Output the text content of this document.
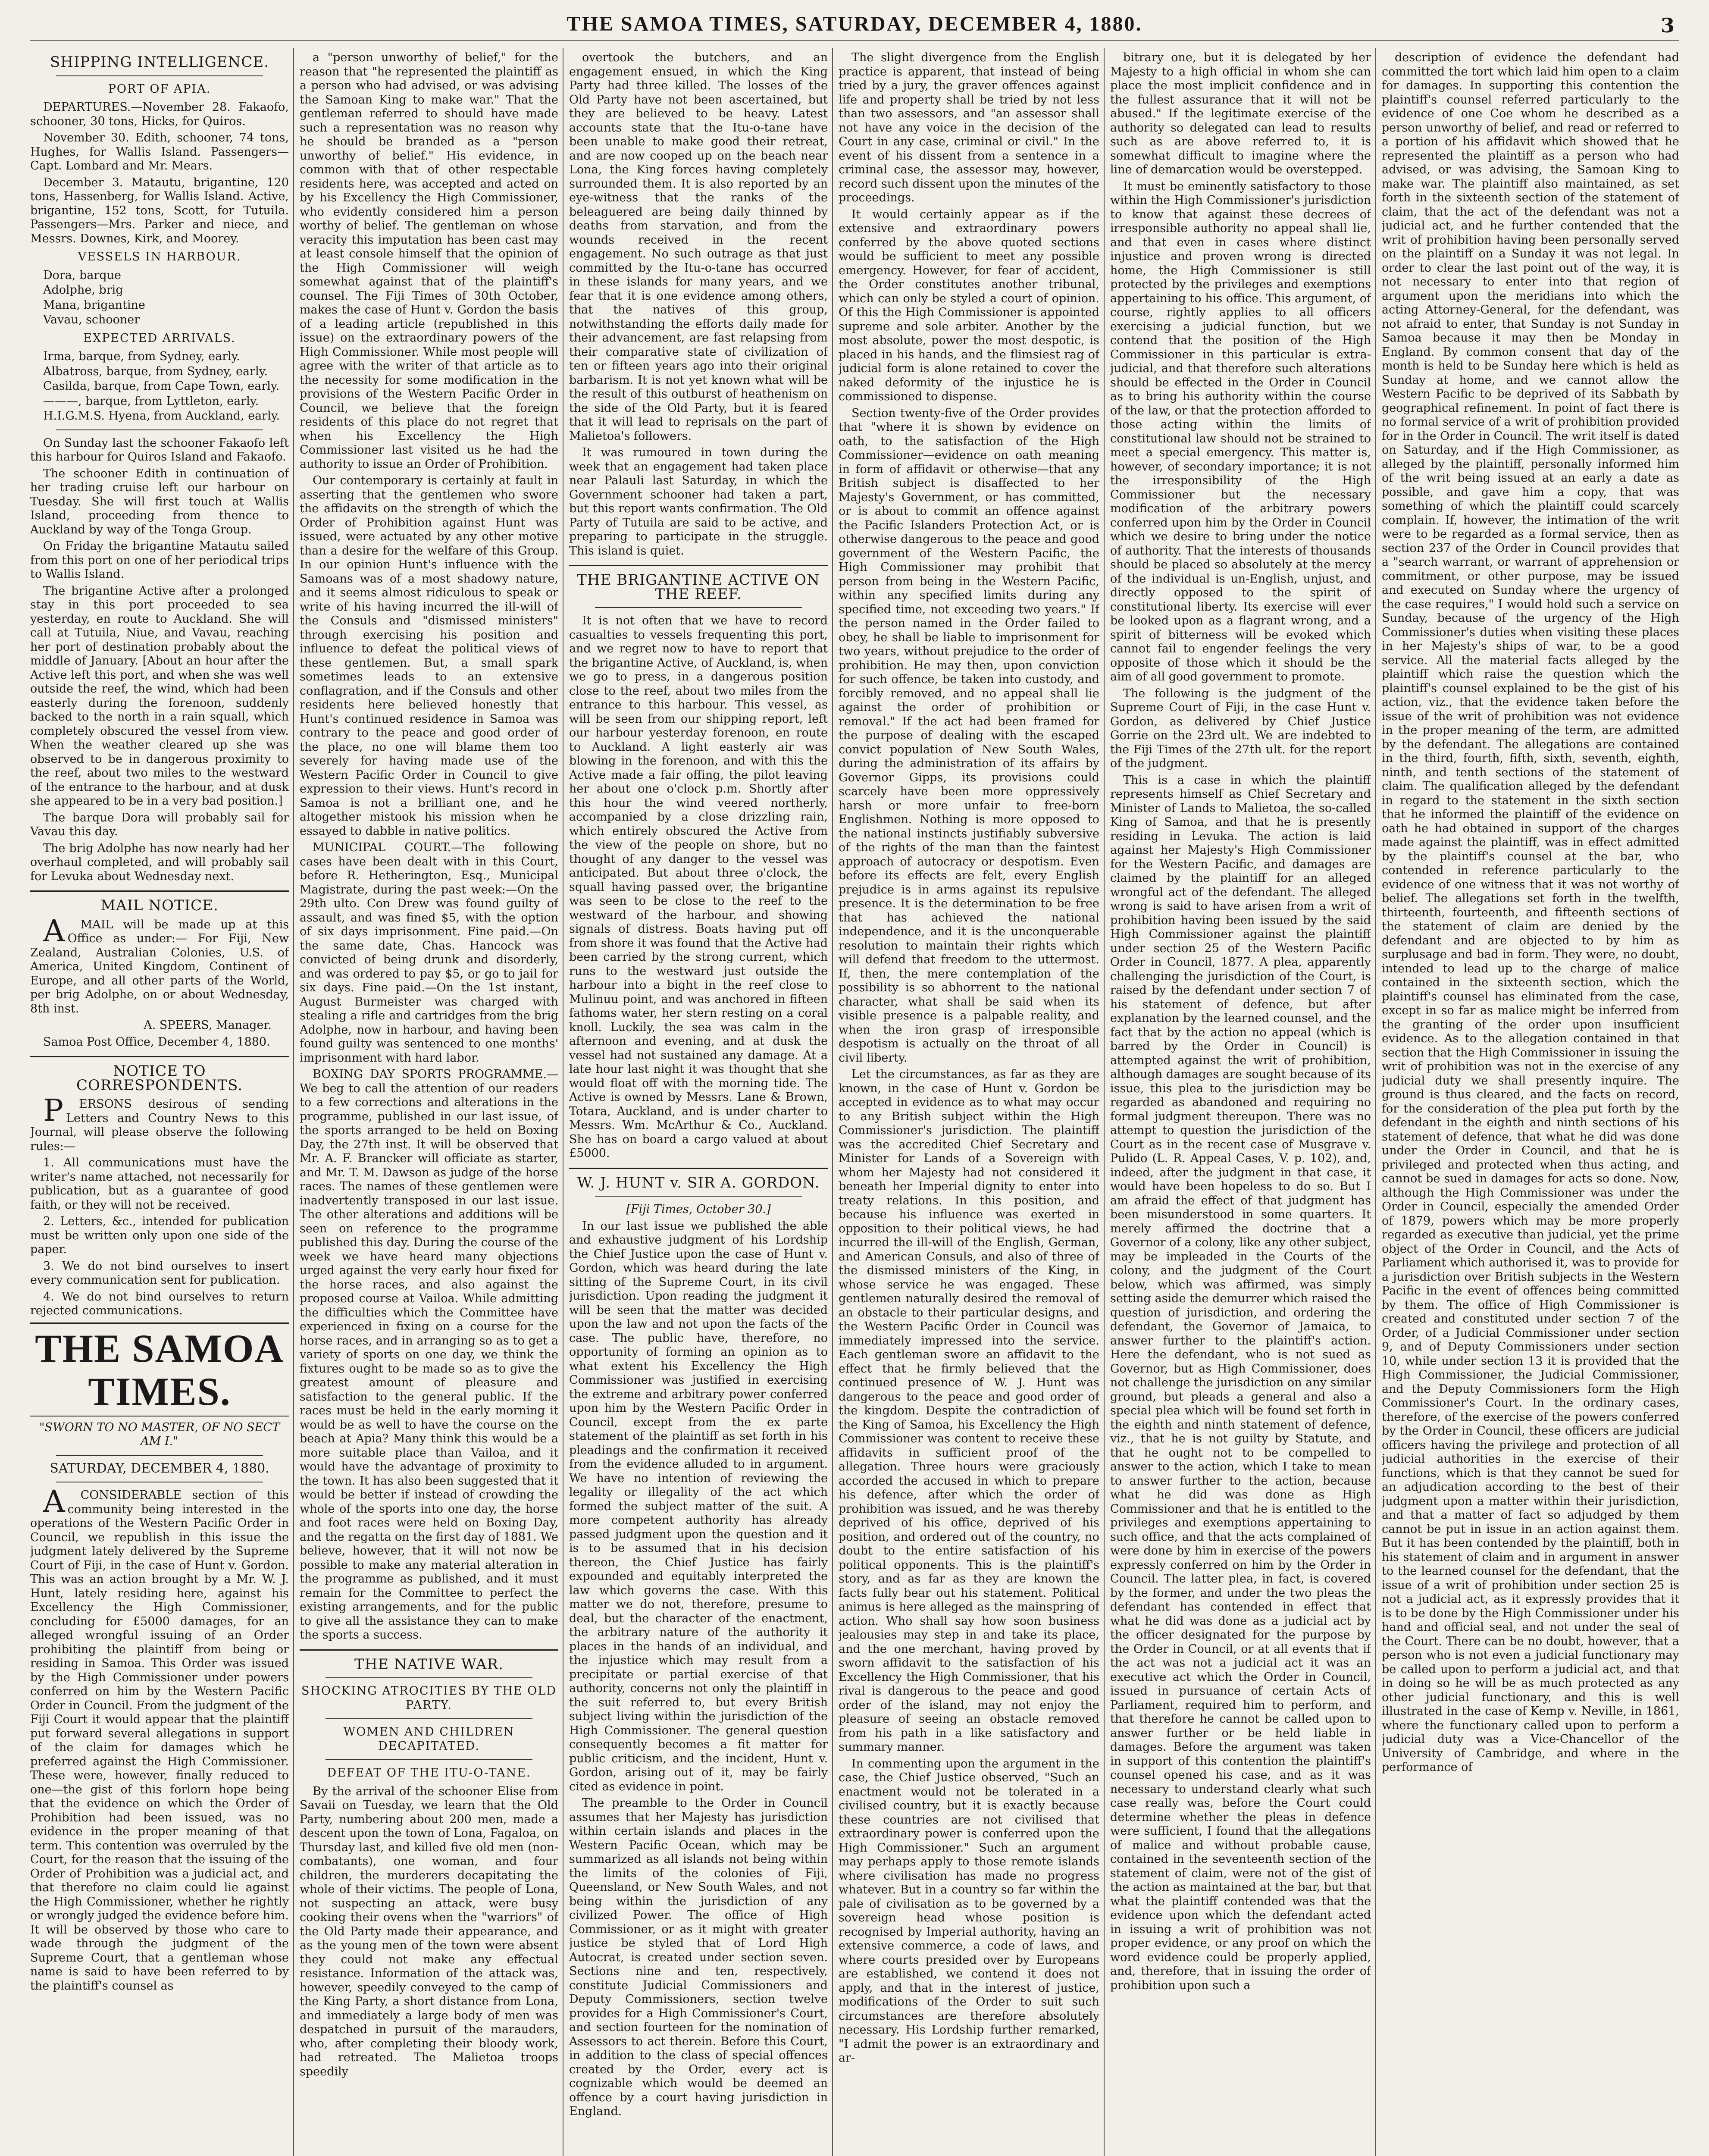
THE SAMOA TIMES, SATURDAY, DECEMBER 4, 1880.	3
SHIPPING INTELLIGENCE.
PORT OF APIA.

DEPARTURES.—November 28. Fakaofo, schooner, 30 tons, Hicks, for Quiros.

November 30. Edith, schooner, 74 tons, Hughes, for Wallis Island. Passengers—Capt. Lombard and Mr. Mears.

December 3. Matautu, brigantine, 120 tons, Hassenberg, for Wallis Island. Active, brigantine, 152 tons, Scott, for Tutuila. Passengers—Mrs. Parker and niece, and Messrs. Downes, Kirk, and Moorey.

VESSELS IN HARBOUR.

Dora, barque

Adolphe, brig

Mana, brigantine

Vavau, schooner

EXPECTED ARRIVALS.

Irma, barque, from Sydney, early.

Albatross, barque, from Sydney, early.

Casilda, barque, from Cape Town, early.

———, barque, from Lyttleton, early.

H.I.G.M.S. Hyena, from Auckland, early.

On Sunday last the schooner Fakaofo left this harbour for Quiros Island and Fakaofo.

The schooner Edith in continuation of her trading cruise left our harbour on Tuesday. She will first touch at Wallis Island, proceeding from thence to Auckland by way of the Tonga Group.

On Friday the brigantine Matautu sailed from this port on one of her periodical trips to Wallis Island.

The brigantine Active after a prolonged stay in this port proceeded to sea yesterday, en route to Auckland. She will call at Tutuila, Niue, and Vavau, reaching her port of destination probably about the middle of January. [About an hour after the Active left this port, and when she was well outside the reef, the wind, which had been easterly during the forenoon, suddenly backed to the north in a rain squall, which completely obscured the vessel from view. When the weather cleared up she was observed to be in dangerous proximity to the reef, about two miles to the westward of the entrance to the harbour, and at dusk she appeared to be in a very bad position.]

The barque Dora will probably sail for Vavau this day.

The brig Adolphe has now nearly had her overhaul completed, and will probably sail for Levuka about Wednesday next.

MAIL NOTICE.

AMAIL will be made up at this Office as under:— For Fiji, New Zealand, Australian Colonies, U.S. of America, United Kingdom, Continent of Europe, and all other parts of the World, per brig Adolphe, on or about Wednesday, 8th inst.

A. SPEERS, Manager.

Samoa Post Office, December 4, 1880.

NOTICE TO CORRESPONDENTS.

PERSONS desirous of sending Letters and Country News to this Journal, will please observe the following rules:—

1. All communications must have the writer's name attached, not necessarily for publication, but as a guarantee of good faith, or they will not be received.

2. Letters, &c., intended for publication must be written only upon one side of the paper.

3. We do not bind ourselves to insert every communication sent for publication.

4. We do not bind ourselves to return rejected communications.

THE SAMOA TIMES.
"SWORN TO NO MASTER, OF NO SECT AM I."
SATURDAY, DECEMBER 4, 1880.

ACONSIDERABLE section of this community being interested in the operations of the Western Pacific Order in Council, we republish in this issue the judgment lately delivered by the Supreme Court of Fiji, in the case of Hunt v. Gordon. This was an action brought by a Mr. W. J. Hunt, lately residing here, against his Excellency the High Commissioner, concluding for £5000 damages, for an alleged wrongful issuing of an Order prohibiting the plaintiff from being or residing in Samoa. This Order was issued by the High Commissioner under powers conferred on him by the Western Pacific Order in Council. From the judgment of the Fiji Court it would appear that the plaintiff put forward several allegations in support of the claim for damages which he preferred against the High Commissioner. These were, however, finally reduced to one—the gist of this forlorn hope being that the evidence on which the Order of Prohibition had been issued, was no evidence in the proper meaning of that term. This contention was overruled by the Court, for the reason that the issuing of the Order of Prohibition was a judicial act, and that therefore no claim could lie against the High Commissioner, whether he rightly or wrongly judged the evidence before him. It will be observed by those who care to wade through the judgment of the Supreme Court, that a gentleman whose name is said to have been referred to by the plaintiff's counsel as

a "person unworthy of belief," for the reason that "he represented the plaintiff as a person who had advised, or was advising the Samoan King to make war." That the gentleman referred to should have made such a representation was no reason why he should be branded as a "person unworthy of belief." His evidence, in common with that of other respectable residents here, was accepted and acted on by his Excellency the High Commissioner, who evidently considered him a person worthy of belief. The gentleman on whose veracity this imputation has been cast may at least console himself that the opinion of the High Commissioner will weigh somewhat against that of the plaintiff's counsel. The Fiji Times of 30th October, makes the case of Hunt v. Gordon the basis of a leading article (republished in this issue) on the extraordinary powers of the High Commissioner. While most people will agree with the writer of that article as to the necessity for some modification in the provisions of the Western Pacific Order in Council, we believe that the foreign residents of this place do not regret that when his Excellency the High Commissioner last visited us he had the authority to issue an Order of Prohibition.

Our contemporary is certainly at fault in asserting that the gentlemen who swore the affidavits on the strength of which the Order of Prohibition against Hunt was issued, were actuated by any other motive than a desire for the welfare of this Group. In our opinion Hunt's influence with the Samoans was of a most shadowy nature, and it seems almost ridiculous to speak or write of his having incurred the ill-will of the Consuls and "dismissed ministers" through exercising his position and influence to defeat the political views of these gentlemen. But, a small spark sometimes leads to an extensive conflagration, and if the Consuls and other residents here believed honestly that Hunt's continued residence in Samoa was contrary to the peace and good order of the place, no one will blame them too severely for having made use of the Western Pacific Order in Council to give expression to their views. Hunt's record in Samoa is not a brilliant one, and he altogether mistook his mission when he essayed to dabble in native politics.

MUNICIPAL COURT.—The following cases have been dealt with in this Court, before R. Hetherington, Esq., Municipal Magistrate, during the past week:—On the 29th ulto. Con Drew was found guilty of assault, and was fined $5, with the option of six days imprisonment. Fine paid.—On the same date, Chas. Hancock was convicted of being drunk and disorderly, and was ordered to pay $5, or go to jail for six days. Fine paid.—On the 1st instant, August Burmeister was charged with stealing a rifle and cartridges from the brig Adolphe, now in harbour, and having been found guilty was sentenced to one months' imprisonment with hard labor.

BOXING DAY SPORTS PROGRAMME.—We beg to call the attention of our readers to a few corrections and alterations in the programme, published in our last issue, of the sports arranged to be held on Boxing Day, the 27th inst. It will be observed that Mr. A. F. Brancker will officiate as starter, and Mr. T. M. Dawson as judge of the horse races. The names of these gentlemen were inadvertently transposed in our last issue. The other alterations and additions will be seen on reference to the programme published this day. During the course of the week we have heard many objections urged against the very early hour fixed for the horse races, and also against the proposed course at Vailoa. While admitting the difficulties which the Committee have experienced in fixing on a course for the horse races, and in arranging so as to get a variety of sports on one day, we think the fixtures ought to be made so as to give the greatest amount of pleasure and satisfaction to the general public. If the races must be held in the early morning it would be as well to have the course on the beach at Apia? Many think this would be a more suitable place than Vailoa, and it would have the advantage of proximity to the town. It has also been suggested that it would be better if instead of crowding the whole of the sports into one day, the horse and foot races were held on Boxing Day, and the regatta on the first day of 1881. We believe, however, that it will not now be possible to make any material alteration in the programme as published, and it must remain for the Committee to perfect the existing arrangements, and for the public to give all the assistance they can to make the sports a success.

THE NATIVE WAR.
SHOCKING ATROCITIES BY THE OLD PARTY.
WOMEN AND CHILDREN DECAPITATED.
DEFEAT OF THE ITU-O-TANE.

By the arrival of the schooner Elise from Savaii on Tuesday, we learn that the Old Party, numbering about 200 men, made a descent upon the town of Lona, Fagaloa, on Thursday last, and killed five old men (non-combatants), one woman, and four children, the murderers decapitating the whole of their victims. The people of Lona, not suspecting an attack, were busy cooking their ovens when the "warriors" of the Old Party made their appearance, and as the young men of the town were absent they could not make any effectual resistance. Information of the attack was, however, speedily conveyed to the camp of the King Party, a short distance from Lona, and immediately a large body of men was despatched in pursuit of the marauders, who, after completing their bloody work, had retreated. The Malietoa troops speedily

overtook the butchers, and an engagement ensued, in which the King Party had three killed. The losses of the Old Party have not been ascertained, but they are believed to be heavy. Latest accounts state that the Itu-o-tane have been unable to make good their retreat, and are now cooped up on the beach near Lona, the King forces having completely surrounded them. It is also reported by an eye-witness that the ranks of the beleaguered are being daily thinned by deaths from starvation, and from the wounds received in the recent engagement. No such outrage as that just committed by the Itu-o-tane has occurred in these islands for many years, and we fear that it is one evidence among others, that the natives of this group, notwithstanding the efforts daily made for their advancement, are fast relapsing from their comparative state of civilization of ten or fifteen years ago into their original barbarism. It is not yet known what will be the result of this outburst of heathenism on the side of the Old Party, but it is feared that it will lead to reprisals on the part of Malietoa's followers.

It was rumoured in town during the week that an engagement had taken place near Palauli last Saturday, in which the Government schooner had taken a part, but this report wants confirmation. The Old Party of Tutuila are said to be active, and preparing to participate in the struggle. This island is quiet.

THE BRIGANTINE ACTIVE ON THE REEF.

It is not often that we have to record casualties to vessels frequenting this port, and we regret now to have to report that the brigantine Active, of Auckland, is, when we go to press, in a dangerous position close to the reef, about two miles from the entrance to this harbour. This vessel, as will be seen from our shipping report, left our harbour yesterday forenoon, en route to Auckland. A light easterly air was blowing in the forenoon, and with this the Active made a fair offing, the pilot leaving her about one o'clock p.m. Shortly after this hour the wind veered northerly, accompanied by a close drizzling rain, which entirely obscured the Active from the view of the people on shore, but no thought of any danger to the vessel was anticipated. But about three o'clock, the squall having passed over, the brigantine was seen to be close to the reef to the westward of the harbour, and showing signals of distress. Boats having put off from shore it was found that the Active had been carried by the strong current, which runs to the westward just outside the harbour into a bight in the reef close to Mulinuu point, and was anchored in fifteen fathoms water, her stern resting on a coral knoll. Luckily, the sea was calm in the afternoon and evening, and at dusk the vessel had not sustained any damage. At a late hour last night it was thought that she would float off with the morning tide. The Active is owned by Messrs. Lane & Brown, Totara, Auckland, and is under charter to Messrs. Wm. McArthur & Co., Auckland. She has on board a cargo valued at about £5000.

W. J. HUNT v. SIR A. GORDON.

[Fiji Times, October 30.]

In our last issue we published the able and exhaustive judgment of his Lordship the Chief Justice upon the case of Hunt v. Gordon, which was heard during the late sitting of the Supreme Court, in its civil jurisdiction. Upon reading the judgment it will be seen that the matter was decided upon the law and not upon the facts of the case. The public have, therefore, no opportunity of forming an opinion as to what extent his Excellency the High Commissioner was justified in exercising the extreme and arbitrary power conferred upon him by the Western Pacific Order in Council, except from the ex parte statement of the plaintiff as set forth in his pleadings and the confirmation it received from the evidence alluded to in argument. We have no intention of reviewing the legality or illegality of the act which formed the subject matter of the suit. A more competent authority has already passed judgment upon the question and it is to be assumed that in his decision thereon, the Chief Justice has fairly expounded and equitably interpreted the law which governs the case. With this matter we do not, therefore, presume to deal, but the character of the enactment, the arbitrary nature of the authority it places in the hands of an individual, and the injustice which may result from a precipitate or partial exercise of that authority, concerns not only the plaintiff in the suit referred to, but every British subject living within the jurisdiction of the High Commissioner. The general question consequently becomes a fit matter for public criticism, and the incident, Hunt v. Gordon, arising out of it, may be fairly cited as evidence in point.

The preamble to the Order in Council assumes that her Majesty has jurisdiction within certain islands and places in the Western Pacific Ocean, which may be summarized as all islands not being within the limits of the colonies of Fiji, Queensland, or New South Wales, and not being within the jurisdiction of any civilized Power. The office of High Commissioner, or as it might with greater justice be styled that of Lord High Autocrat, is created under section seven. Sections nine and ten, respectively, constitute Judicial Commissioners and Deputy Commissioners, section twelve provides for a High Commissioner's Court, and section fourteen for the nomination of Assessors to act therein. Before this Court, in addition to the class of special offences created by the Order, every act is cognizable which would be deemed an offence by a court having jurisdiction in England.

The slight divergence from the English practice is apparent, that instead of being tried by a jury, the graver offences against life and property shall be tried by not less than two assessors, and "an assessor shall not have any voice in the decision of the Court in any case, criminal or civil." In the event of his dissent from a sentence in a criminal case, the assessor may, however, record such dissent upon the minutes of the proceedings.

It would certainly appear as if the extensive and extraordinary powers conferred by the above quoted sections would be sufficient to meet any possible emergency. However, for fear of accident, the Order constitutes another tribunal, which can only be styled a court of opinion. Of this the High Commissioner is appointed supreme and sole arbiter. Another by the most absolute, power the most despotic, is placed in his hands, and the flimsiest rag of judicial form is alone retained to cover the naked deformity of the injustice he is commissioned to dispense.

Section twenty-five of the Order provides that "where it is shown by evidence on oath, to the satisfaction of the High Commissioner—evidence on oath meaning in form of affidavit or otherwise—that any British subject is disaffected to her Majesty's Government, or has committed, or is about to commit an offence against the Pacific Islanders Protection Act, or is otherwise dangerous to the peace and good government of the Western Pacific, the High Commissioner may prohibit that person from being in the Western Pacific, within any specified limits during any specified time, not exceeding two years." If the person named in the Order failed to obey, he shall be liable to imprisonment for two years, without prejudice to the order of prohibition. He may then, upon conviction for such offence, be taken into custody, and forcibly removed, and no appeal shall lie against the order of prohibition or removal." If the act had been framed for the purpose of dealing with the escaped convict population of New South Wales, during the administration of its affairs by Governor Gipps, its provisions could scarcely have been more oppressively harsh or more unfair to free-born Englishmen. Nothing is more opposed to the national instincts justifiably subversive of the rights of the man than the faintest approach of autocracy or despotism. Even before its effects are felt, every English prejudice is in arms against its repulsive presence. It is the determination to be free that has achieved the national independence, and it is the unconquerable resolution to maintain their rights which will defend that freedom to the uttermost. If, then, the mere contemplation of the possibility is so abhorrent to the national character, what shall be said when its visible presence is a palpable reality, and when the iron grasp of irresponsible despotism is actually on the throat of all civil liberty.

Let the circumstances, as far as they are known, in the case of Hunt v. Gordon be accepted in evidence as to what may occur to any British subject within the High Commissioner's jurisdiction. The plaintiff was the accredited Chief Secretary and Minister for Lands of a Sovereign with whom her Majesty had not considered it beneath her Imperial dignity to enter into treaty relations. In this position, and because his influence was exerted in opposition to their political views, he had incurred the ill-will of the English, German, and American Consuls, and also of three of the dismissed ministers of the King, in whose service he was engaged. These gentlemen naturally desired the removal of an obstacle to their particular designs, and the Western Pacific Order in Council was immediately impressed into the service. Each gentleman swore an affidavit to the effect that he firmly believed that the continued presence of W. J. Hunt was dangerous to the peace and good order of the kingdom. Despite the contradiction of the King of Samoa, his Excellency the High Commissioner was content to receive these affidavits in sufficient proof of the allegation. Three hours were graciously accorded the accused in which to prepare his defence, after which the order of prohibition was issued, and he was thereby deprived of his office, deprived of his position, and ordered out of the country, no doubt to the entire satisfaction of his political opponents. This is the plaintiff's story, and as far as they are known the facts fully bear out his statement. Political animus is here alleged as the mainspring of action. Who shall say how soon business jealousies may step in and take its place, and the one merchant, having proved by sworn affidavit to the satisfaction of his Excellency the High Commissioner, that his rival is dangerous to the peace and good order of the island, may not enjoy the pleasure of seeing an obstacle removed from his path in a like satisfactory and summary manner.

In commenting upon the argument in the case, the Chief Justice observed, "Such an enactment would not be tolerated in a civilised country, but it is exactly because these countries are not civilised that extraordinary power is conferred upon the High Commissioner." Such an argument may perhaps apply to those remote islands where civilisation has made no progress whatever. But in a country so far within the pale of civilisation as to be governed by a sovereign head whose position is recognised by Imperial authority, having an extensive commerce, a code of laws, and where courts presided over by Europeans are established, we contend it does not apply, and that in the interest of justice, modifications of the Order to suit such circumstances are therefore absolutely necessary. His Lordship further remarked, "I admit the power is an extraordinary and ar-

bitrary one, but it is delegated by her Majesty to a high official in whom she can place the most implicit confidence and in the fullest assurance that it will not be abused." If the legitimate exercise of the authority so delegated can lead to results such as are above referred to, it is somewhat difficult to imagine where the line of demarcation would be overstepped.

It must be eminently satisfactory to those within the High Commissioner's jurisdiction to know that against these decrees of irresponsible authority no appeal shall lie, and that even in cases where distinct injustice and proven wrong is directed home, the High Commissioner is still protected by the privileges and exemptions appertaining to his office. This argument, of course, rightly applies to all officers exercising a judicial function, but we contend that the position of the High Commissioner in this particular is extra-judicial, and that therefore such alterations should be effected in the Order in Council as to bring his authority within the course of the law, or that the protection afforded to those acting within the limits of constitutional law should not be strained to meet a special emergency. This matter is, however, of secondary importance; it is not the irresponsibility of the High Commissioner but the necessary modification of the arbitrary powers conferred upon him by the Order in Council which we desire to bring under the notice of authority. That the interests of thousands should be placed so absolutely at the mercy of the individual is un-English, unjust, and directly opposed to the spirit of constitutional liberty. Its exercise will ever be looked upon as a flagrant wrong, and a spirit of bitterness will be evoked which cannot fail to engender feelings the very opposite of those which it should be the aim of all good government to promote.

The following is the judgment of the Supreme Court of Fiji, in the case Hunt v. Gordon, as delivered by Chief Justice Gorrie on the 23rd ult. We are indebted to the Fiji Times of the 27th ult. for the report of the judgment.

This is a case in which the plaintiff represents himself as Chief Secretary and Minister of Lands to Malietoa, the so-called King of Samoa, and that he is presently residing in Levuka. The action is laid against her Majesty's High Commissioner for the Western Pacific, and damages are claimed by the plaintiff for an alleged wrongful act of the defendant. The alleged wrong is said to have arisen from a writ of prohibition having been issued by the said High Commissioner against the plaintiff under section 25 of the Western Pacific Order in Council, 1877. A plea, apparently challenging the jurisdiction of the Court, is raised by the defendant under section 7 of his statement of defence, but after explanation by the learned counsel, and the fact that by the action no appeal (which is barred by the Order in Council) is attempted against the writ of prohibition, although damages are sought because of its issue, this plea to the jurisdiction may be regarded as abandoned and requiring no formal judgment thereupon. There was no attempt to question the jurisdiction of the Court as in the recent case of Musgrave v. Pulido (L. R. Appeal Cases, V. p. 102), and, indeed, after the judgment in that case, it would have been hopeless to do so. But I am afraid the effect of that judgment has been misunderstood in some quarters. It merely affirmed the doctrine that a Governor of a colony, like any other subject, may be impleaded in the Courts of the colony, and the judgment of the Court below, which was affirmed, was simply setting aside the demurrer which raised the question of jurisdiction, and ordering the defendant, the Governor of Jamaica, to answer further to the plaintiff's action. Here the defendant, who is not sued as Governor, but as High Commissioner, does not challenge the jurisdiction on any similar ground, but pleads a general and also a special plea which will be found set forth in the eighth and ninth statement of defence, viz., that he is not guilty by Statute, and that he ought not to be compelled to answer to the action, which I take to mean to answer further to the action, because what he did was done as High Commissioner and that he is entitled to the privileges and exemptions appertaining to such office, and that the acts complained of were done by him in exercise of the powers expressly conferred on him by the Order in Council. The latter plea, in fact, is covered by the former, and under the two pleas the defendant has contended in effect that what he did was done as a judicial act by the officer designated for the purpose by the Order in Council, or at all events that if the act was not a judicial act it was an executive act which the Order in Council, issued in pursuance of certain Acts of Parliament, required him to perform, and that therefore he cannot be called upon to answer further or be held liable in damages. Before the argument was taken in support of this contention the plaintiff's counsel opened his case, and as it was necessary to understand clearly what such case really was, before the Court could determine whether the pleas in defence were sufficient, I found that the allegations of malice and without probable cause, contained in the seventeenth section of the statement of claim, were not of the gist of the action as maintained at the bar, but that what the plaintiff contended was that the evidence upon which the defendant acted in issuing a writ of prohibition was not proper evidence, or any proof on which the word evidence could be properly applied, and, therefore, that in issuing the order of prohibition upon such a

description of evidence the defendant had committed the tort which laid him open to a claim for damages. In supporting this contention the plaintiff's counsel referred particularly to the evidence of one Coe whom he described as a person unworthy of belief, and read or referred to a portion of his affidavit which showed that he represented the plaintiff as a person who had advised, or was advising, the Samoan King to make war. The plaintiff also maintained, as set forth in the sixteenth section of the statement of claim, that the act of the defendant was not a judicial act, and he further contended that the writ of prohibition having been personally served on the plaintiff on a Sunday it was not legal. In order to clear the last point out of the way, it is not necessary to enter into that region of argument upon the meridians into which the acting Attorney-General, for the defendant, was not afraid to enter, that Sunday is not Sunday in Samoa because it may then be Monday in England. By common consent that day of the month is held to be Sunday here which is held as Sunday at home, and we cannot allow the Western Pacific to be deprived of its Sabbath by geographical refinement. In point of fact there is no formal service of a writ of prohibition provided for in the Order in Council. The writ itself is dated on Saturday, and if the High Commissioner, as alleged by the plaintiff, personally informed him of the writ being issued at an early a date as possible, and gave him a copy, that was something of which the plaintiff could scarcely complain. If, however, the intimation of the writ were to be regarded as a formal service, then as section 237 of the Order in Council provides that a "search warrant, or warrant of apprehension or commitment, or other purpose, may be issued and executed on Sunday where the urgency of the case requires," I would hold such a service on Sunday, because of the urgency of the High Commissioner's duties when visiting these places in her Majesty's ships of war, to be a good service. All the material facts alleged by the plaintiff which raise the question which the plaintiff's counsel explained to be the gist of his action, viz., that the evidence taken before the issue of the writ of prohibition was not evidence in the proper meaning of the term, are admitted by the defendant. The allegations are contained in the third, fourth, fifth, sixth, seventh, eighth, ninth, and tenth sections of the statement of claim. The qualification alleged by the defendant in regard to the statement in the sixth section that he informed the plaintiff of the evidence on oath he had obtained in support of the charges made against the plaintiff, was in effect admitted by the plaintiff's counsel at the bar, who contended in reference particularly to the evidence of one witness that it was not worthy of belief. The allegations set forth in the twelfth, thirteenth, fourteenth, and fifteenth sections of the statement of claim are denied by the defendant and are objected to by him as surplusage and bad in form. They were, no doubt, intended to lead up to the charge of malice contained in the sixteenth section, which the plaintiff's counsel has eliminated from the case, except in so far as malice might be inferred from the granting of the order upon insufficient evidence. As to the allegation contained in that section that the High Commissioner in issuing the writ of prohibition was not in the exercise of any judicial duty we shall presently inquire. The ground is thus cleared, and the facts on record, for the consideration of the plea put forth by the defendant in the eighth and ninth sections of his statement of defence, that what he did was done under the Order in Council, and that he is privileged and protected when thus acting, and cannot be sued in damages for acts so done. Now, although the High Commissioner was under the Order in Council, especially the amended Order of 1879, powers which may be more properly regarded as executive than judicial, yet the prime object of the Order in Council, and the Acts of Parliament which authorised it, was to provide for a jurisdiction over British subjects in the Western Pacific in the event of offences being committed by them. The office of High Commissioner is created and constituted under section 7 of the Order, of a Judicial Commissioner under section 9, and of Deputy Commissioners under section 10, while under section 13 it is provided that the High Commissioner, the Judicial Commissioner, and the Deputy Commissioners form the High Commissioner's Court. In the ordinary cases, therefore, of the exercise of the powers conferred by the Order in Council, these officers are judicial officers having the privilege and protection of all judicial authorities in the exercise of their functions, which is that they cannot be sued for an adjudication according to the best of their judgment upon a matter within their jurisdiction, and that a matter of fact so adjudged by them cannot be put in issue in an action against them. But it has been contended by the plaintiff, both in his statement of claim and in argument in answer to the learned counsel for the defendant, that the issue of a writ of prohibition under section 25 is not a judicial act, as it expressly provides that it is to be done by the High Commissioner under his hand and official seal, and not under the seal of the Court. There can be no doubt, however, that a person who is not even a judicial functionary may be called upon to perform a judicial act, and that in doing so he will be as much protected as any other judicial functionary, and this is well illustrated in the case of Kemp v. Neville, in 1861, where the functionary called upon to perform a judicial duty was a Vice-Chancellor of the University of Cambridge, and where in the performance of
